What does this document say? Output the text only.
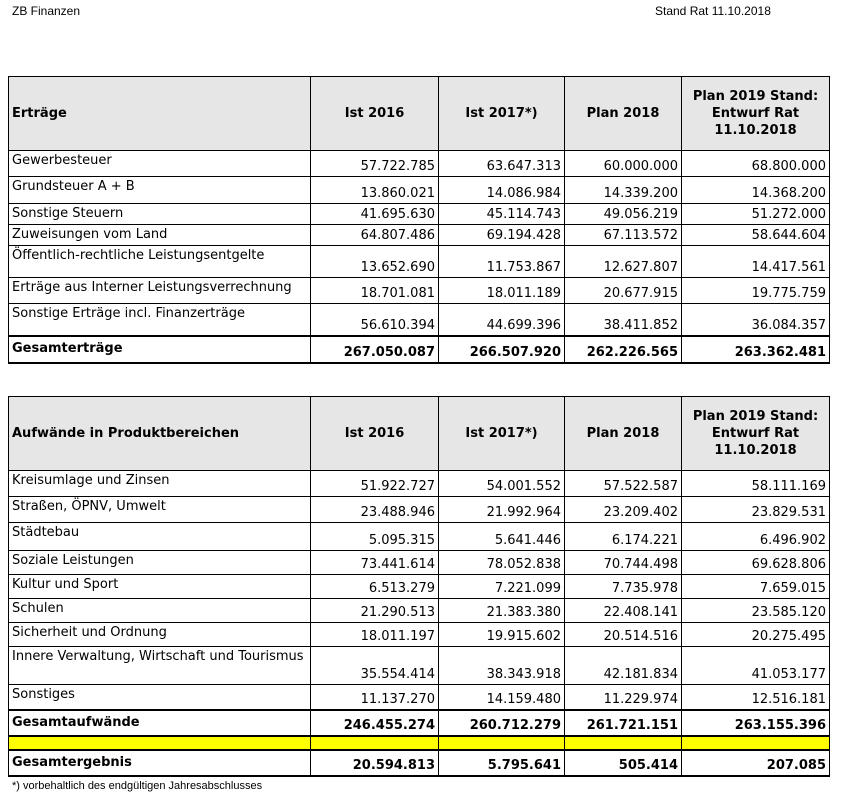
ZB Finanzen	Stand Rat 11.10.2018
Erträge	Ist 2016	Ist 2017*)	Plan 2018	Plan 2019 Stand: Entwurf Rat 11.10.2018
Gewerbesteuer	57.722.785	63.647.313	60.000.000	68.800.000
Grundsteuer A + B	13.860.021	14.086.984	14.339.200	14.368.200
Sonstige Steuern	41.695.630	45.114.743	49.056.219	51.272.000
Zuweisungen vom Land	64.807.486	69.194.428	67.113.572	58.644.604
Öffentlich-rechtliche Leistungsentgelte	13.652.690	11.753.867	12.627.807	14.417.561
Erträge aus Interner Leistungsverrechnung	18.701.081	18.011.189	20.677.915	19.775.759
Sonstige Erträge incl. Finanzerträge	56.610.394	44.699.396	38.411.852	36.084.357
Gesamterträge	267.050.087	266.507.920	262.226.565	263.362.481
Aufwände in Produktbereichen	Ist 2016	Ist 2017*)	Plan 2018	Plan 2019 Stand: Entwurf Rat 11.10.2018
Kreisumlage und Zinsen	51.922.727	54.001.552	57.522.587	58.111.169
Straßen, ÖPNV, Umwelt	23.488.946	21.992.964	23.209.402	23.829.531
Städtebau	5.095.315	5.641.446	6.174.221	6.496.902
Soziale Leistungen	73.441.614	78.052.838	70.744.498	69.628.806
Kultur und Sport	6.513.279	7.221.099	7.735.978	7.659.015
Schulen	21.290.513	21.383.380	22.408.141	23.585.120
Sicherheit und Ordnung	18.011.197	19.915.602	20.514.516	20.275.495
Innere Verwaltung, Wirtschaft und Tourismus	35.554.414	38.343.918	42.181.834	41.053.177
Sonstiges	11.137.270	14.159.480	11.229.974	12.516.181
Gesamtaufwände	246.455.274	260.712.279	261.721.151	263.155.396

Gesamtergebnis	20.594.813	5.795.641	505.414	207.085
*) vorbehaltlich des endgültigen Jahresabschlusses
